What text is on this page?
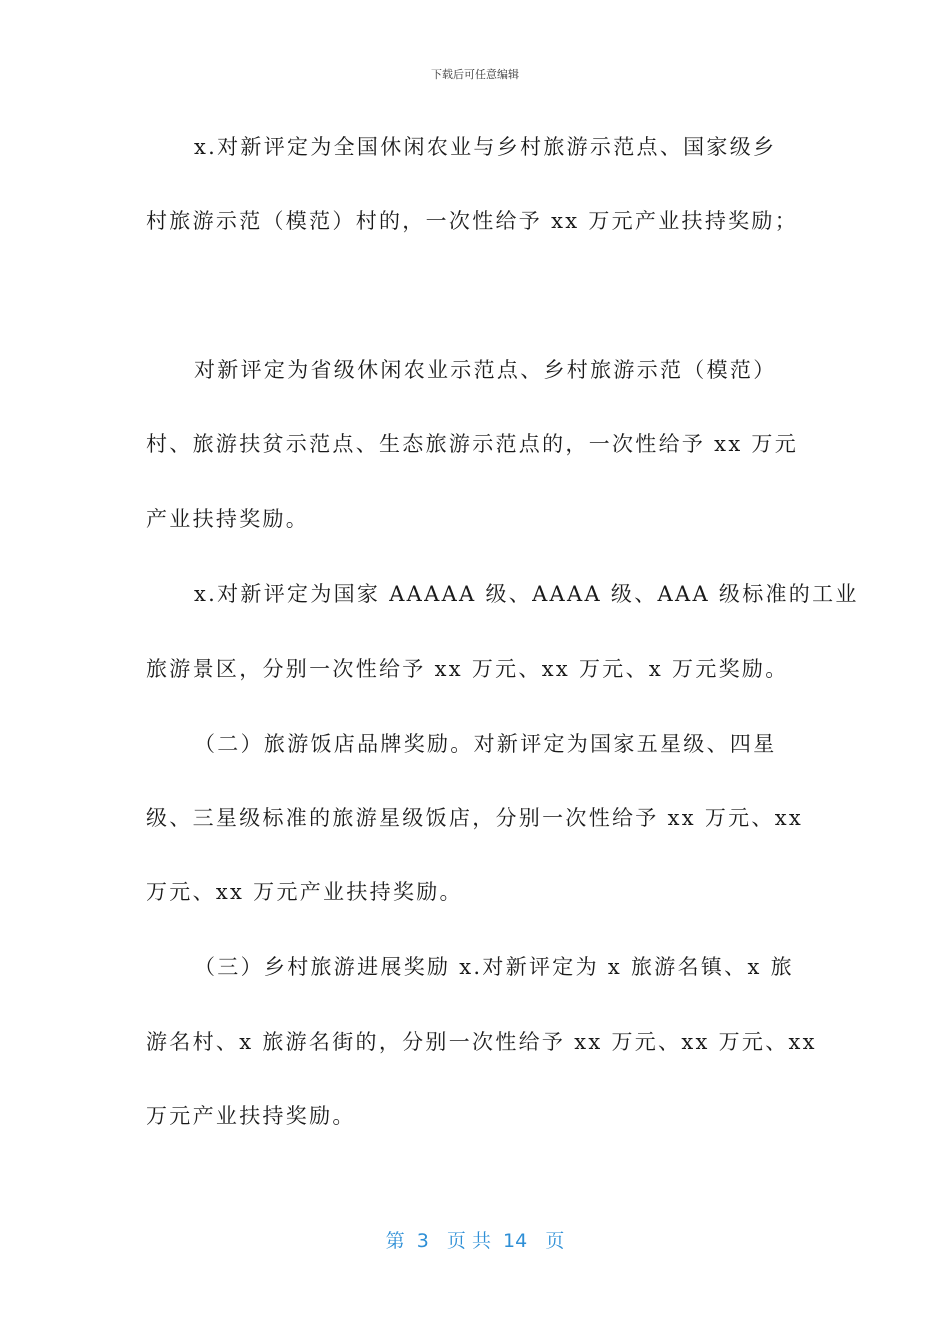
下载后可任意编辑
x.对新评定为全国休闲农业与乡村旅游示范点、国家级乡
村旅游示范（模范）村的，一次性给予 xx 万元产业扶持奖励；
对新评定为省级休闲农业示范点、乡村旅游示范（模范）
村、旅游扶贫示范点、生态旅游示范点的，一次性给予 xx 万元
产业扶持奖励。
x.对新评定为国家 AAAAA 级、AAAA 级、AAA 级标准的工业
旅游景区，分别一次性给予 xx 万元、xx 万元、x 万元奖励。
（二）旅游饭店品牌奖励。对新评定为国家五星级、四星
级、三星级标准的旅游星级饭店，分别一次性给予 xx 万元、xx
万元、xx 万元产业扶持奖励。
（三）乡村旅游进展奖励 x.对新评定为 x 旅游名镇、x 旅
游名村、x 旅游名街的，分别一次性给予 xx 万元、xx 万元、xx
万元产业扶持奖励。
第  3   页 共  14   页
